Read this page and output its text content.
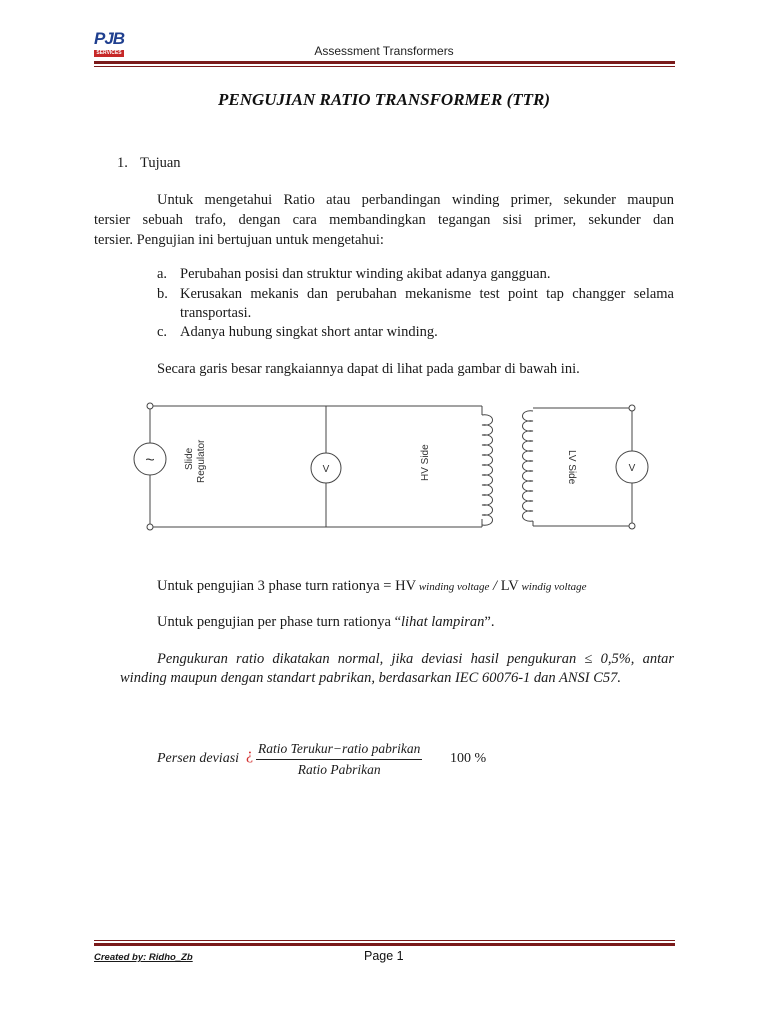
PJB
SERVICES	Assessment Transformers
PENGUJIAN RATIO TRANSFORMER (TTR)
1. Tujuan
Untuk mengetahui Ratio atau perbandingan winding primer, sekunder maupun
tersier sebuah trafo, dengan cara membandingkan tegangan sisi primer, sekunder dan
tersier. Pengujian ini bertujuan untuk mengetahui:
a. Perubahan posisi dan struktur winding akibat adanya gangguan.
b. Kerusakan mekanis dan perubahan mekanisme test point tap changger selama
transportasi.
c. Adanya hubung singkat short antar winding.
Secara garis besar rangkaiannya dapat di lihat pada gambar di bawah ini.
~
V	V
Slide Regulator	HV Side	LV Side
Untuk pengujian 3 phase turn rationya = HV winding voltage / LV windig voltage
Untuk pengujian per phase turn rationya “lihat lampiran”.
Pengukuran ratio dikatakan normal, jika deviasi hasil pengukuran ≤ 0,5%, antar
winding maupun dengan standart pabrikan, berdasarkan IEC 60076-1 dan ANSI C57.
Persen deviasi ¿ Ratio Terukur−ratio pabrikan
Ratio Pabrikan
100 %
Created by: Ridho_Zb	Page 1
